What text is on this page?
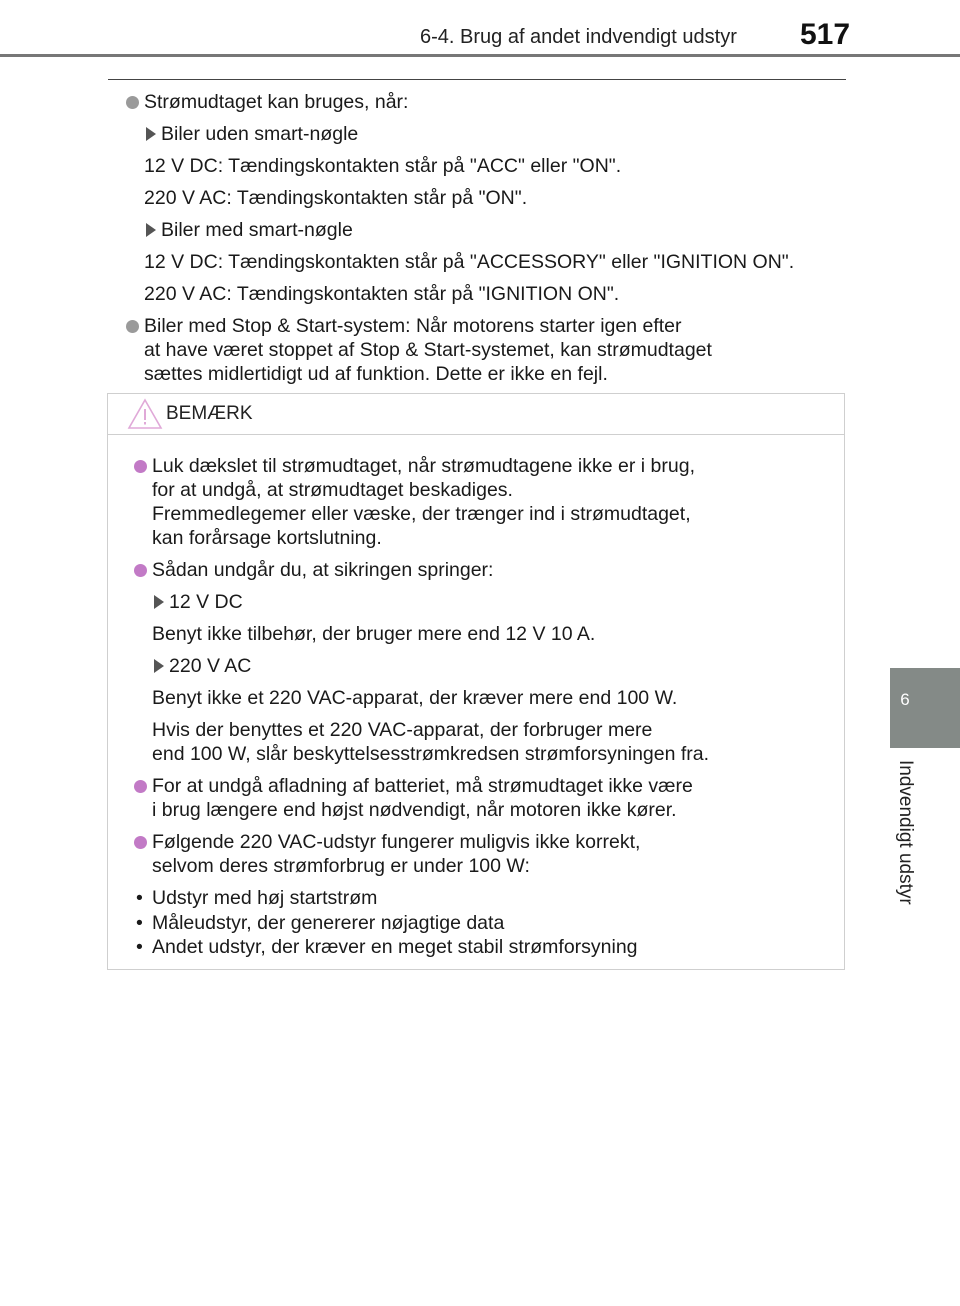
6-4. Brug af andet indvendigt udstyr 517
6
Indvendigt udstyr
Strømudtaget kan bruges, når:
Biler uden smart-nøgle
12 V DC: Tændingskontakten står på "ACC" eller "ON".
220 V AC: Tændingskontakten står på "ON".
Biler med smart-nøgle
12 V DC: Tændingskontakten står på "ACCESSORY" eller "IGNITION ON".
220 V AC: Tændingskontakten står på "IGNITION ON".
Biler med Stop & Start-system: Når motorens starter igen efter
at have været stoppet af Stop & Start-systemet, kan strømudtaget
sættes midlertidigt ud af funktion. Dette er ikke en fejl.
BEMÆRK
Luk dækslet til strømudtaget, når strømudtagene ikke er i brug,
for at undgå, at strømudtaget beskadiges.
Fremmedlegemer eller væske, der trænger ind i strømudtaget,
kan forårsage kortslutning.
Sådan undgår du, at sikringen springer:
12 V DC
Benyt ikke tilbehør, der bruger mere end 12 V 10 A.
220 V AC
Benyt ikke et 220 VAC-apparat, der kræver mere end 100 W.
Hvis der benyttes et 220 VAC-apparat, der forbruger mere
end 100 W, slår beskyttelsesstrømkredsen strømforsyningen fra.
For at undgå afladning af batteriet, må strømudtaget ikke være
i brug længere end højst nødvendigt, når motoren ikke kører.
Følgende 220 VAC-udstyr fungerer muligvis ikke korrekt,
selvom deres strømforbrug er under 100 W:
• Udstyr med høj startstrøm
• Måleudstyr, der genererer nøjagtige data
• Andet udstyr, der kræver en meget stabil strømforsyning
